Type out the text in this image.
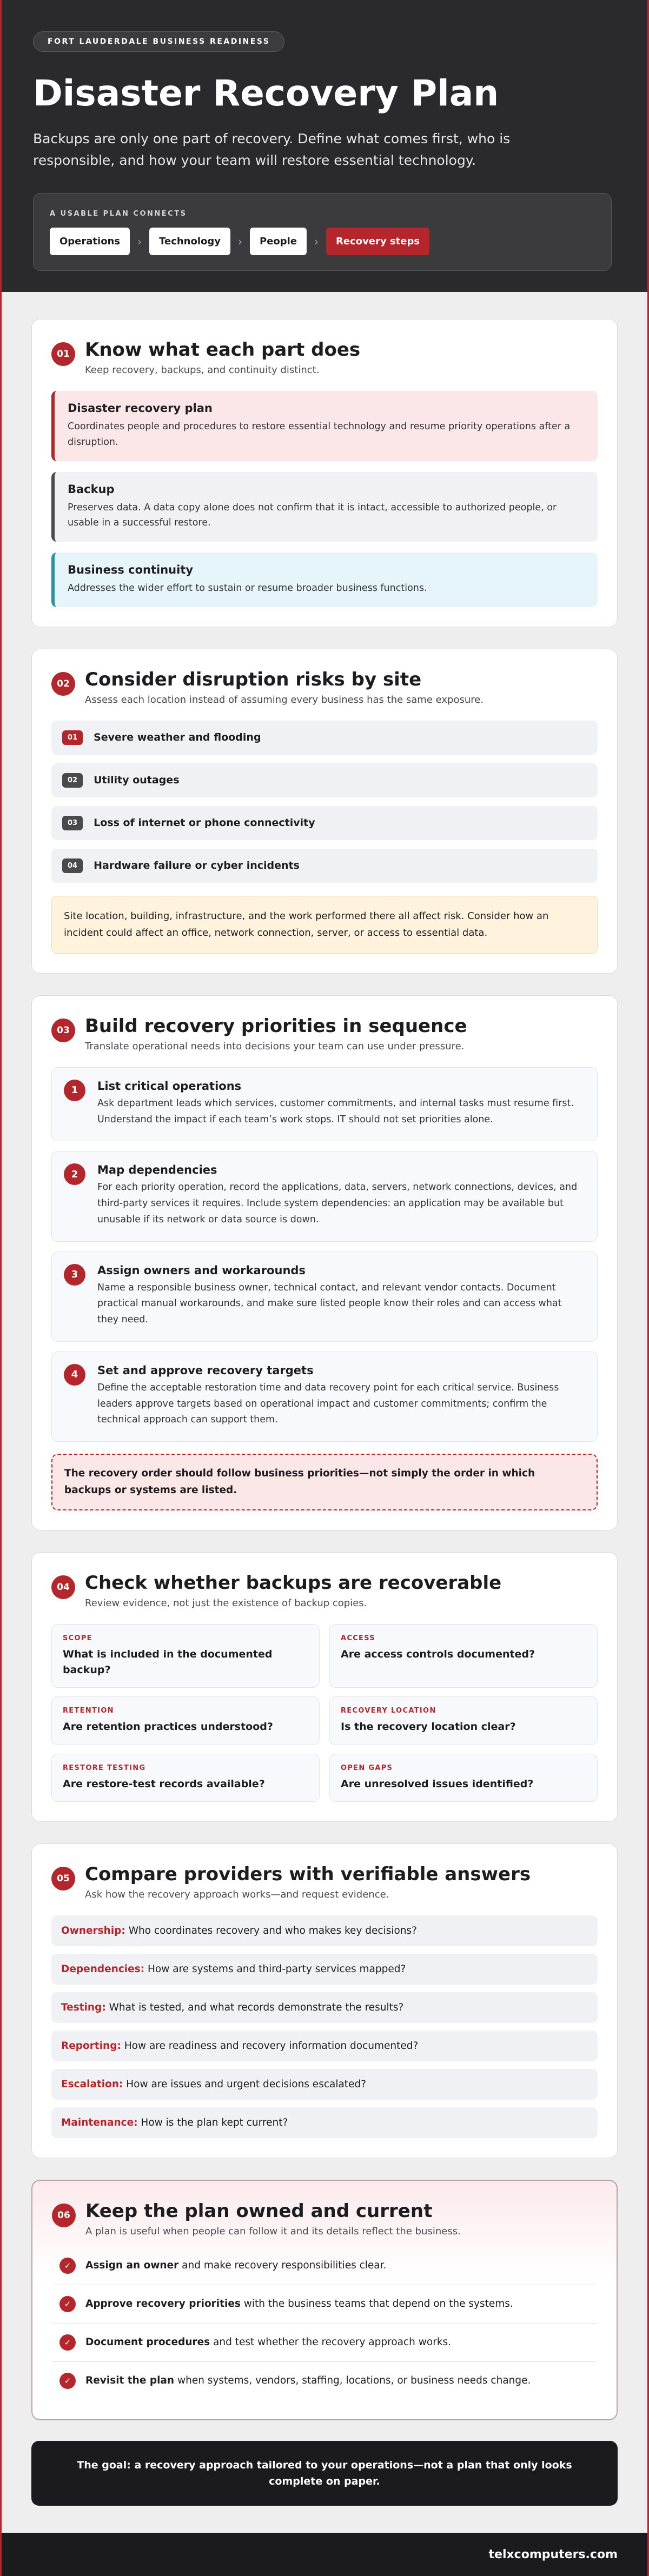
FORT LAUDERDALE BUSINESS READINESS
Disaster Recovery Plan

Backups are only one part of recovery. Define what comes first, who is responsible, and how your team will restore essential technology.

A USABLE PLAN CONNECTS
Operations	›	Technology	›	People	›	Recovery steps
01 Know what each part does
Keep recovery, backups, and continuity distinct.
Disaster recovery plan

Coordinates people and procedures to restore essential technology and resume priority operations after a disruption.

Backup

Preserves data. A data copy alone does not confirm that it is intact, accessible to authorized people, or usable in a successful restore.

Business continuity

Addresses the wider effort to sustain or resume broader business functions.

02 Consider disruption risks by site
Assess each location instead of assuming every business has the same exposure.
01	Severe weather and flooding
02	Utility outages
03	Loss of internet or phone connectivity
04	Hardware failure or cyber incidents
Site location, building, infrastructure, and the work performed there all affect risk. Consider how an incident could affect an office, network connection, server, or access to essential data.
03 Build recovery priorities in sequence
Translate operational needs into decisions your team can use under pressure.
1	List critical operations

Ask department leads which services, customer commitments, and internal tasks must resume first. Understand the impact if each team’s work stops. IT should not set priorities alone.

2	Map dependencies

For each priority operation, record the applications, data, servers, network connections, devices, and third-party services it requires. Include system dependencies: an application may be available but unusable if its network or data source is down.

3	Assign owners and workarounds

Name a responsible business owner, technical contact, and relevant vendor contacts. Document practical manual workarounds, and make sure listed people know their roles and can access what they need.

4	Set and approve recovery targets

Define the acceptable restoration time and data recovery point for each critical service. Business leaders approve targets based on operational impact and customer commitments; confirm the technical approach can support them.

The recovery order should follow business priorities—not simply the order in which backups or systems are listed.
04 Check whether backups are recoverable
Review evidence, not just the existence of backup copies.
SCOPE
What is included in the documented backup?
ACCESS
Are access controls documented?
RETENTION
Are retention practices understood?
RECOVERY LOCATION
Is the recovery location clear?
RESTORE TESTING
Are restore-test records available?
OPEN GAPS
Are unresolved issues identified?
05 Compare providers with verifiable answers
Ask how the recovery approach works—and request evidence.
Ownership: Who coordinates recovery and who makes key decisions?
Dependencies: How are systems and third-party services mapped?
Testing: What is tested, and what records demonstrate the results?
Reporting: How are readiness and recovery information documented?
Escalation: How are issues and urgent decisions escalated?
Maintenance: How is the plan kept current?
06 Keep the plan owned and current
A plan is useful when people can follow it and its details reflect the business.
✓	Assign an owner and make recovery responsibilities clear.
✓	Approve recovery priorities with the business teams that depend on the systems.
✓	Document procedures and test whether the recovery approach works.
✓	Revisit the plan when systems, vendors, staffing, locations, or business needs change.
The goal: a recovery approach tailored to your operations—not a plan that only looks complete on paper.
telxcomputers.com
